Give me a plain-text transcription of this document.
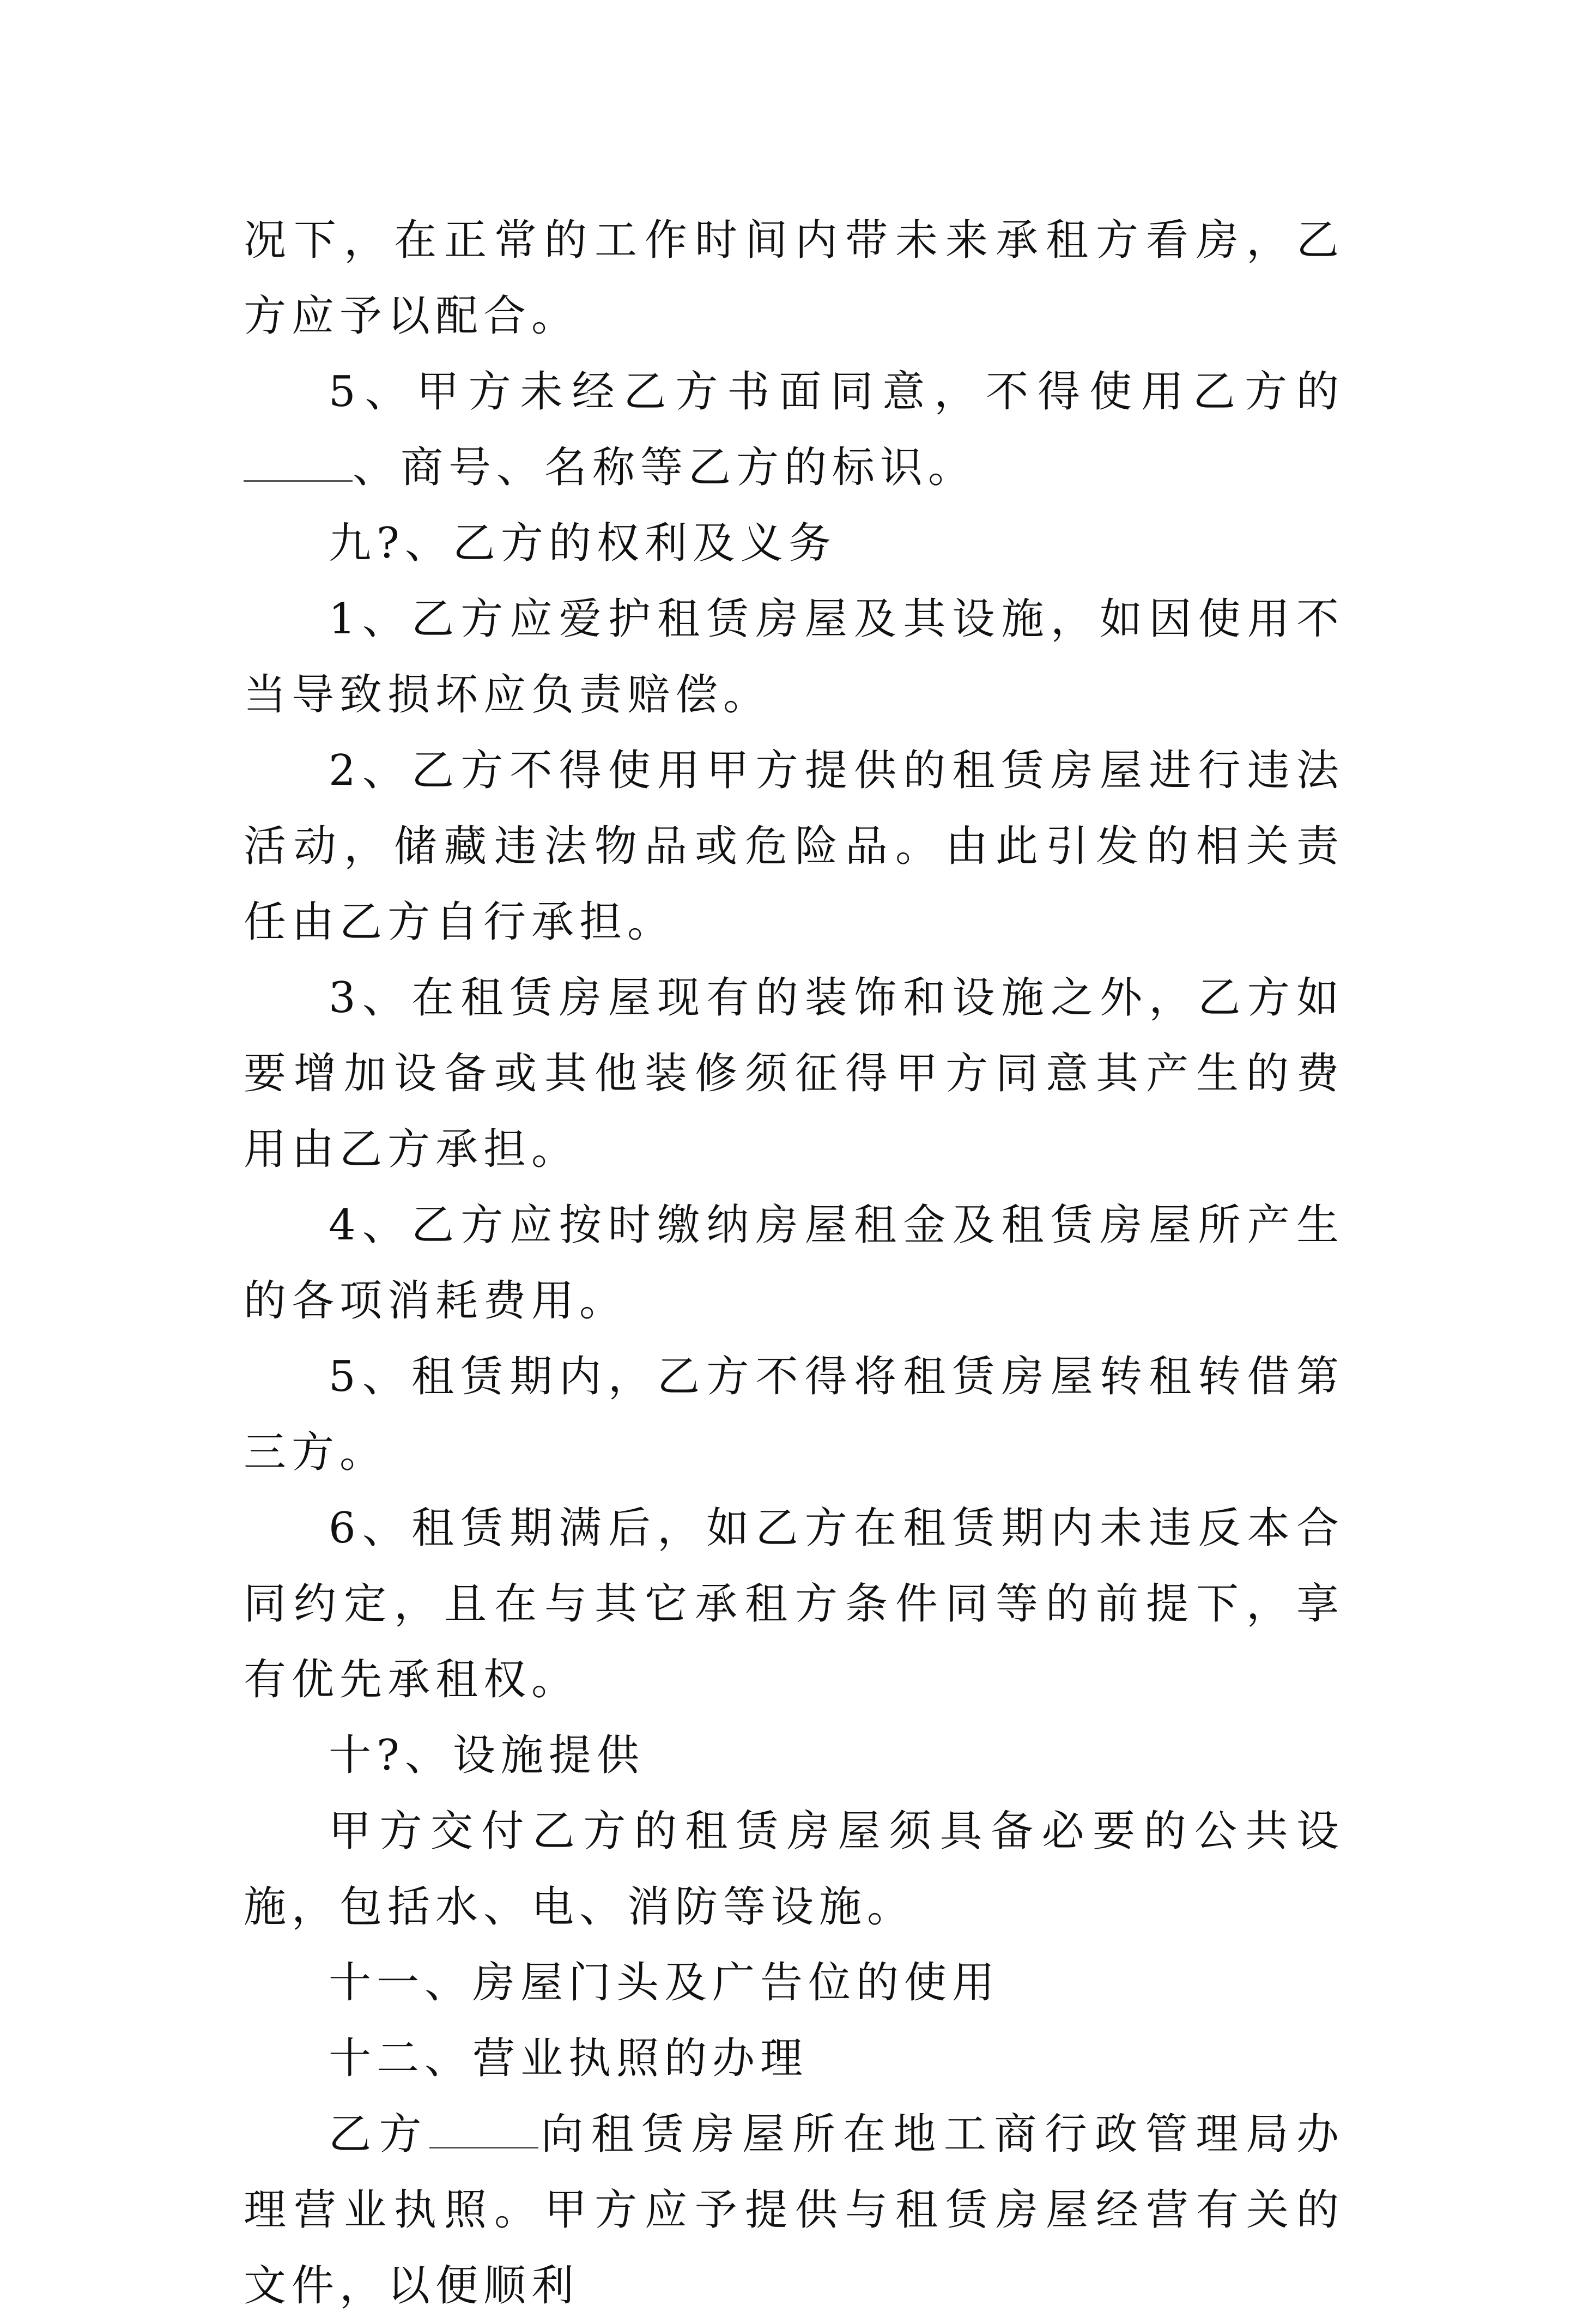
况下，在正常的工作时间内带未来承租方看房，乙方应予以配合。

5、甲方未经乙方书面同意，不得使用乙方的、商号、名称等乙方的标识。

九?、乙方的权利及义务

1、乙方应爱护租赁房屋及其设施，如因使用不当导致损坏应负责赔偿。

2、乙方不得使用甲方提供的租赁房屋进行违法活动，储藏违法物品或危险品。由此引发的相关责任由乙方自行承担。

3、在租赁房屋现有的装饰和设施之外，乙方如要增加设备或其他装修须征得甲方同意其产生的费用由乙方承担。

4、乙方应按时缴纳房屋租金及租赁房屋所产生的各项消耗费用。

5、租赁期内，乙方不得将租赁房屋转租转借第三方。

6、租赁期满后，如乙方在租赁期内未违反本合同约定，且在与其它承租方条件同等的前提下，享有优先承租权。

十?、设施提供

甲方交付乙方的租赁房屋须具备必要的公共设施，包括水、电、消防等设施。

十一、房屋门头及广告位的使用

十二、营业执照的办理

乙方	向租赁房屋所在地工商行政管理局办理营业执照。甲方应予提供与租赁房屋经营有关的文件，以便顺利
